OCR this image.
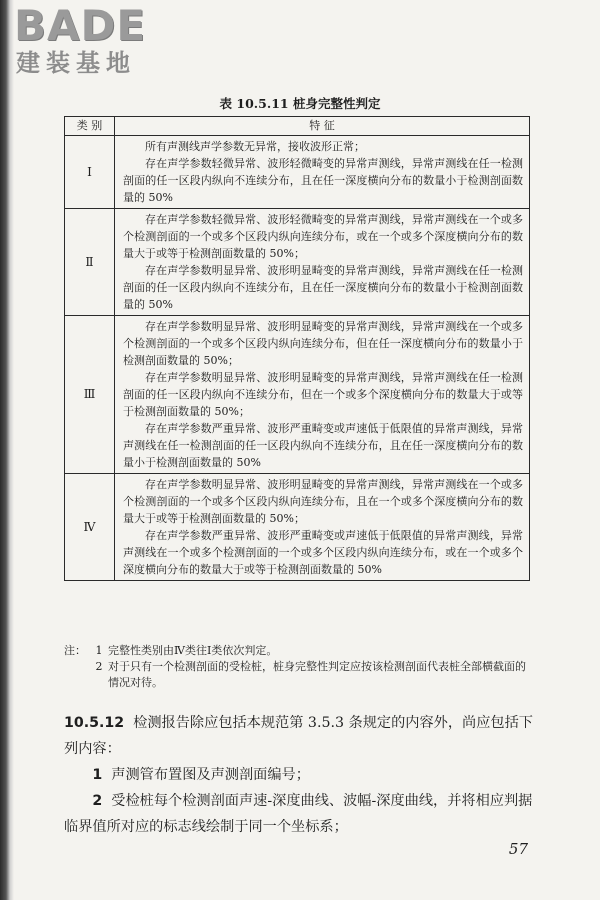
BADE

建装基地

表 10.5.11 桩身完整性判定

类 别	特 征
Ⅰ	所有声测线声学参数无异常，接收波形正常；

存在声学参数轻微异常、波形轻微畸变的异常声测线，异常声测线在任一检测剖面的任一区段内纵向不连续分布，且在任一深度横向分布的数量小于检测剖面数量的 50%

Ⅱ	存在声学参数轻微异常、波形轻微畸变的异常声测线，异常声测线在一个或多个检测剖面的一个或多个区段内纵向连续分布，或在一个或多个深度横向分布的数量大于或等于检测剖面数量的 50%；

存在声学参数明显异常、波形明显畸变的异常声测线，异常声测线在任一检测剖面的任一区段内纵向不连续分布，且在任一深度横向分布的数量小于检测剖面数量的 50%

Ⅲ	存在声学参数明显异常、波形明显畸变的异常声测线，异常声测线在一个或多个检测剖面的一个或多个区段内纵向连续分布，但在任一深度横向分布的数量小于检测剖面数量的 50%；

存在声学参数明显异常、波形明显畸变的异常声测线，异常声测线在任一检测剖面的任一区段内纵向不连续分布，但在一个或多个深度横向分布的数量大于或等于检测剖面数量的 50%；

存在声学参数严重异常、波形严重畸变或声速低于低限值的异常声测线，异常声测线在任一检测剖面的任一区段内纵向不连续分布，且在任一深度横向分布的数量小于检测剖面数量的 50%

Ⅳ	存在声学参数明显异常、波形明显畸变的异常声测线，异常声测线在一个或多个检测剖面的一个或多个区段内纵向连续分布，且在一个或多个深度横向分布的数量大于或等于检测剖面数量的 50%；

存在声学参数严重异常、波形严重畸变或声速低于低限值的异常声测线，异常声测线在一个或多个检测剖面的一个或多个区段内纵向连续分布，或在一个或多个深度横向分布的数量大于或等于检测剖面数量的 50%

注： 1 完整性类别由Ⅳ类往Ⅰ类依次判定。
2 对于只有一个检测剖面的受检桩，桩身完整性判定应按该检测剖面代表桩全部横截面的情况对待。

10.5.12 检测报告除应包括本规范第 3.5.3 条规定的内容外，尚应包括下列内容：

1 声测管布置图及声测剖面编号；

2 受检桩每个检测剖面声速-深度曲线、波幅-深度曲线，并将相应判据临界值所对应的标志线绘制于同一个坐标系；

57
